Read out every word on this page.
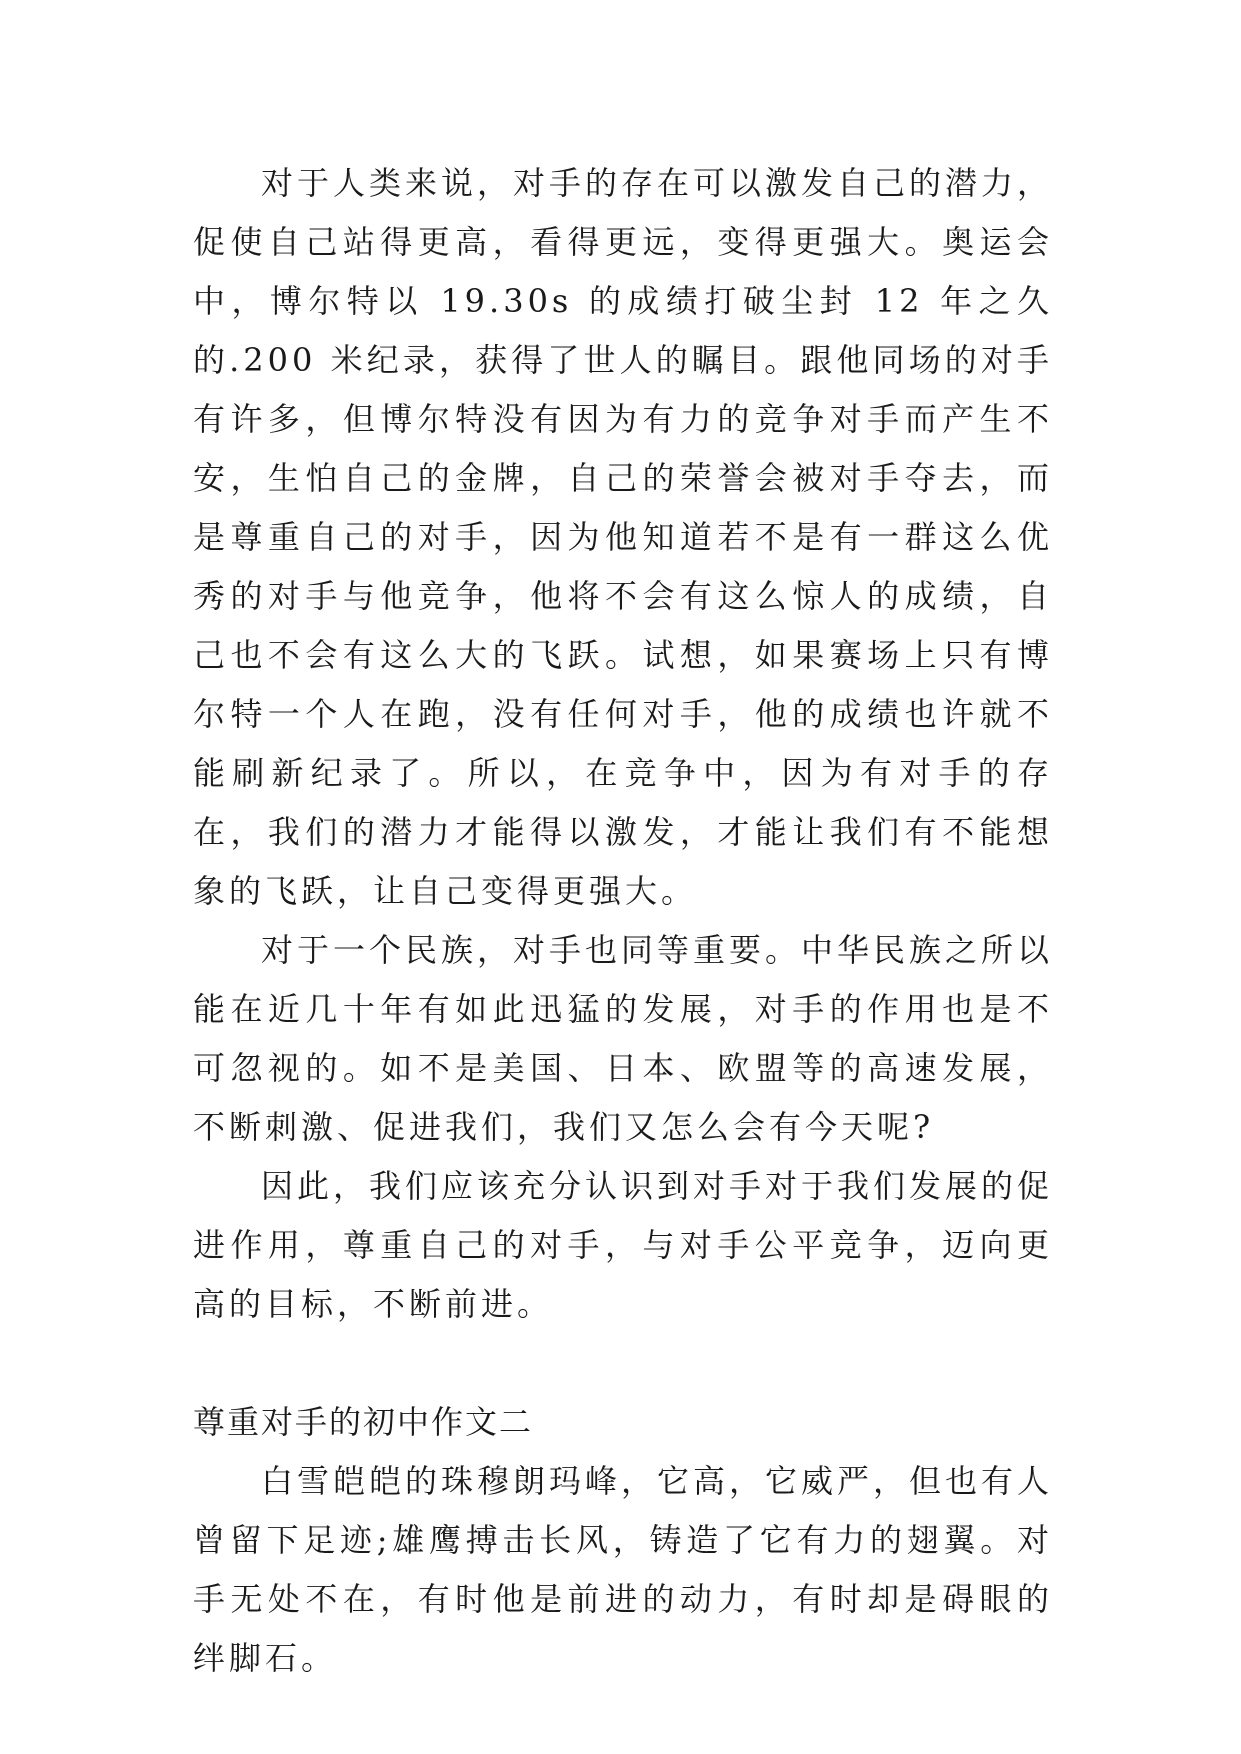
对于人类来说，对手的存在可以激发自己的潜力，促使自己站得更高，看得更远，变得更强大。奥运会中，博尔特以 19.30s 的成绩打破尘封 12 年之久的.200 米纪录，获得了世人的瞩目。跟他同场的对手有许多，但博尔特没有因为有力的竞争对手而产生不安，生怕自己的金牌，自己的荣誉会被对手夺去，而是尊重自己的对手，因为他知道若不是有一群这么优秀的对手与他竞争，他将不会有这么惊人的成绩，自己也不会有这么大的飞跃。试想，如果赛场上只有博尔特一个人在跑，没有任何对手，他的成绩也许就不能刷新纪录了。所以，在竞争中，因为有对手的存在，我们的潜力才能得以激发，才能让我们有不能想象的飞跃，让自己变得更强大。

对于一个民族，对手也同等重要。中华民族之所以能在近几十年有如此迅猛的发展，对手的作用也是不可忽视的。如不是美国、日本、欧盟等的高速发展，不断刺激、促进我们，我们又怎么会有今天呢?

因此，我们应该充分认识到对手对于我们发展的促进作用，尊重自己的对手，与对手公平竞争，迈向更高的目标，不断前进。

尊重对手的初中作文二

白雪皑皑的珠穆朗玛峰，它高，它威严，但也有人曾留下足迹;雄鹰搏击长风，铸造了它有力的翅翼。对手无处不在，有时他是前进的动力，有时却是碍眼的绊脚石。
